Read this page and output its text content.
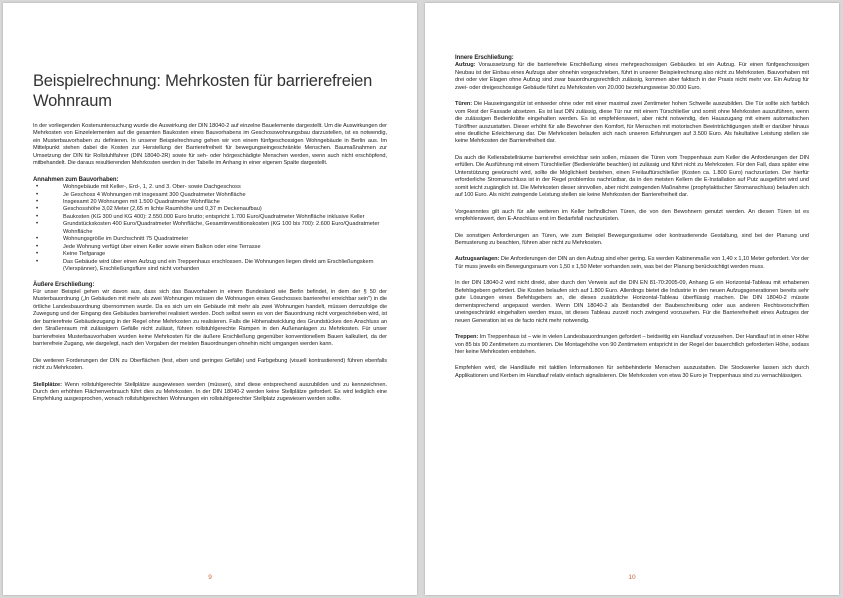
Beispielrechnung: Mehrkosten für barrierefreien Wohnraum

In der vorliegenden Kostenuntersuchung wurde die Auswirkung der DIN 18040-2 auf einzelne Bauelemente dargestellt. Um die Auswirkungen der Mehrkosten von Einzelelementen auf die gesamten Baukosten eines Bauvorhabens im Geschosswohnungsbau darzustellen, ist es notwendig, ein Musterbauvorhaben zu definieren. In unserer Beispielrechnung gehen wir von einem fünfgeschossigen Wohngebäude in Berlin aus. Im Mittelpunkt stehen dabei die Kosten zur Herstellung der Barrierefreiheit für bewegungseingeschränkte Menschen. Baumaßnahmen zur Umsetzung der DIN für Rollstuhlfahrer (DIN 18040-2R) sowie für seh- oder hörgeschädigte Menschen werden, wenn auch nicht erschöpfend, mitbehandelt. Die daraus resultierenden Mehrkosten werden in der Tabelle im Anhang in einer eigenen Spalte dargestellt.

Annahmen zum Bauvorhaben:

• Wohngebäude mit Keller-, Erd-, 1, 2. und 3. Ober- sowie Dachgeschoss
• Je Geschoss 4 Wohnungen mit insgesamt 300 Quadratmeter Wohnfläche
• Insgesamt 20 Wohnungen mit 1.500 Quadratmeter Wohnfläche
• Geschosshöhe 3,02 Meter (2,65 m lichte Raumhöhe und 0,37 m Deckenaufbau)
• Baukosten (KG 300 und KG 400): 2.550.000 Euro brutto; entspricht 1.700 Euro/Quadratmeter Wohnfläche inklusive Keller
• Grundstückskosten 400 Euro/Quadratmeter Wohnfläche, Gesamtinvestitionskosten (KG 100 bis 700): 2.600 Euro/Quadratmeter Wohnfläche
• Wohnungsgröße im Durchschnitt 75 Quadratmeter
• Jede Wohnung verfügt über einen Keller sowie einen Balkon oder eine Terrasse
• Keine Tiefgarage
• Das Gebäude wird über einen Aufzug und ein Treppenhaus erschlossen. Die Wohnungen liegen direkt am Erschließungskern (Vierspänner), Erschließungsflure sind nicht vorhanden

Äußere Erschließung:

Für unser Beispiel gehen wir davon aus, dass sich das Bauvorhaben in einem Bundesland wie Berlin befindet, in dem der § 50 der Musterbauordnung („In Gebäuden mit mehr als zwei Wohnungen müssen die Wohnungen eines Geschosses barrierefrei erreichbar sein") in die örtliche Landesbauordnung übernommen wurde. Da es sich um ein Gebäude mit mehr als zwei Wohnungen handelt, müssen demzufolge die Zuwegung und der Eingang des Gebäudes barrierefrei realisiert werden. Doch selbst wenn es von der Bauordnung nicht vorgeschrieben wird, ist der barrierefreie Gebäudezugang in der Regel ohne Mehrkosten zu realisieren. Falls die Höhenabwicklung des Grundstückes den Anschluss an den Straßenraum mit zulässigem Gefälle nicht zulässt, führen rollstuhlgerechte Rampen in den Außenanlagen zu Mehrkosten. Für unser barrierefreies Musterbauvorhaben wurden keine Mehrkosten für die äußere Erschließung gegenüber konventionellem Bauen kalkuliert, da der barrierefreie Zugang, wie dargelegt, nach den Vorgaben der meisten Bauordnungen ohnehin nicht umgangen werden kann.

Die weiteren Forderungen der DIN zu Oberflächen (fest, eben und geringes Gefälle) und Farbgebung (visuell kontrastierend) führen ebenfalls nicht zu Mehrkosten.

Stellplätze: Wenn rollstuhlgerechte Stellplätze ausgewiesen werden (müssen), sind diese entsprechend auszubilden und zu kennzeichnen. Durch den erhöhten Flächenverbrauch führt dies zu Mehrkosten. In der DIN 18040-2 werden keine Stellplätze gefordert. Es wird lediglich eine Empfehlung ausgesprochen, wonach rollstuhlgerechten Wohnungen ein rollstuhlgerechter Stellplatz zugewiesen werden sollte.

9

Innere Erschließung:

Aufzug: Voraussetzung für die barrierefreie Erschließung eines mehrgeschossigen Gebäudes ist ein Aufzug. Für einen fünfgeschossigen Neubau ist der Einbau eines Aufzugs aber ohnehin vorgeschrieben, führt in unserer Beispielrechnung also nicht zu Mehrkosten. Bauvorhaben mit drei oder vier Etagen ohne Aufzug sind zwar bauordnungsrechtlich zulässig, kommen aber faktisch in der Praxis nicht mehr vor. Ein Aufzug für zwei- oder dreigeschossige Gebäude führt zu Mehrkosten von 20.000 beziehungsweise 30.000 Euro.

Türen: Die Hauseingangstür ist entweder ohne oder mit einer maximal zwei Zentimeter hohen Schwelle auszubilden. Die Tür sollte sich farblich vom Rest der Fassade absetzen. Es ist laut DIN zulässig, diese Tür nur mit einem Türschließer und somit ohne Mehrkosten auszuführen, wenn die zulässigen Bedienkräfte eingehalten werden. Es ist empfehlenswert, aber nicht notwendig, den Hauszugang mit einem automatischen Türöffner auszustatten. Dieser erhöht für alle Bewohner den Komfort, für Menschen mit motorischen Beeinträchtigungen stellt er darüber hinaus eine deutliche Erleichterung dar. Die Mehrkosten belaufen sich nach unseren Erfahrungen auf 3.500 Euro. Als fakultative Leistung stellen sie keine Mehrkosten der Barrierefreiheit dar.

Da auch die Kellerabstellräume barrierefrei erreichbar sein sollen, müssen die Türen vom Treppenhaus zum Keller die Anforderungen der DIN erfüllen. Die Ausführung mit einem Türschließer (Bedienkräfte beachten) ist zulässig und führt nicht zu Mehrkosten. Für den Fall, dass später eine Unterstützung gewünscht wird, sollte die Möglichkeit bestehen, einen Freilauftürschließer (Kosten ca. 1.800 Euro) nachzurüsten. Der hierfür erforderliche Stromanschluss ist in der Regel problemlos nachrüstbar, da in den meisten Kellern die E-Installation auf Putz ausgeführt wird und somit leicht zugänglich ist. Die Mehrkosten dieser sinnvollen, aber nicht zwingenden Maßnahme (prophylaktischer Stromanschluss) belaufen sich auf 100 Euro. Als nicht zwingende Leistung stellen sie keine Mehrkosten der Barrierefreiheit dar.

Vorgeannntes gilt auch für alle weiteren im Keller befindlichen Türen, die von den Bewohnern genutzt werden. An diesen Türen ist es empfehlenswert, den E-Anschluss erst im Bedarfsfall nachzurüsten.

Die sonstigen Anforderungen an Türen, wie zum Beispiel Bewegungsräume oder kontrastierende Gestaltung, sind bei der Planung und Bemusterung zu beachten, führen aber nicht zu Mehrkosten.

Aufzugsanlagen: Die Anforderungen der DIN an den Aufzug sind eher gering. Es werden Kabinenmaße von 1,40 x 1,10 Meter gefordert. Vor der Tür muss jeweils ein Bewegungsraum von 1,50 x 1,50 Meter vorhanden sein, was bei der Planung berücksichtigt werden muss.

In der DIN 18040-2 wird nicht direkt, aber durch den Verweis auf die DIN EN 81-70:2005-09, Anhang G ein Horizontal-Tableau mit erhabenen Befehlsgebern gefordert. Die Kosten belaufen sich auf 1.800 Euro. Allerdings bietet die Industrie in den neuen Aufzugsgenerationen bereits sehr gute Lösungen eines Befehlsgebers an, die dieses zusätzliche Horizontal-Tableau überflüssig machen. Die DIN 18040-2 müsste dementsprechend angepasst werden. Wenn DIN 18040-2 als Bestandteil der Baubeschreibung oder aus anderen Rechtsvorschriften uneingeschränkt eingehalten werden muss, ist dieses Tableau zurzeit noch zwingend vorzusehen. Für die Barrierefreiheit eines Aufzuges der neuen Generation ist es de facto nicht mehr notwendig.

Treppen: Im Treppenhaus ist – wie in vielen Landesbauordnungen gefordert – beidseitig ein Handlauf vorzusehen. Der Handlauf ist in einer Höhe von 85 bis 90 Zentimetern zu montieren. Die Montagehöhe von 90 Zentimetern entspricht in der Regel der bauerchtlich geforderten Höhe, sodass hier keine Mehrkosten entstehen.

Empfehlen wird, die Handläufe mit taktilen Informationen für sehbehinderte Menschen auszustatten. Die Stockwerke lassen sich durch Applikationen und Kerben im Handlauf relativ einfach signalisieren. Die Mehrkosten von etwa 30 Euro je Treppenhaus sind zu vernachlässigen.

10
